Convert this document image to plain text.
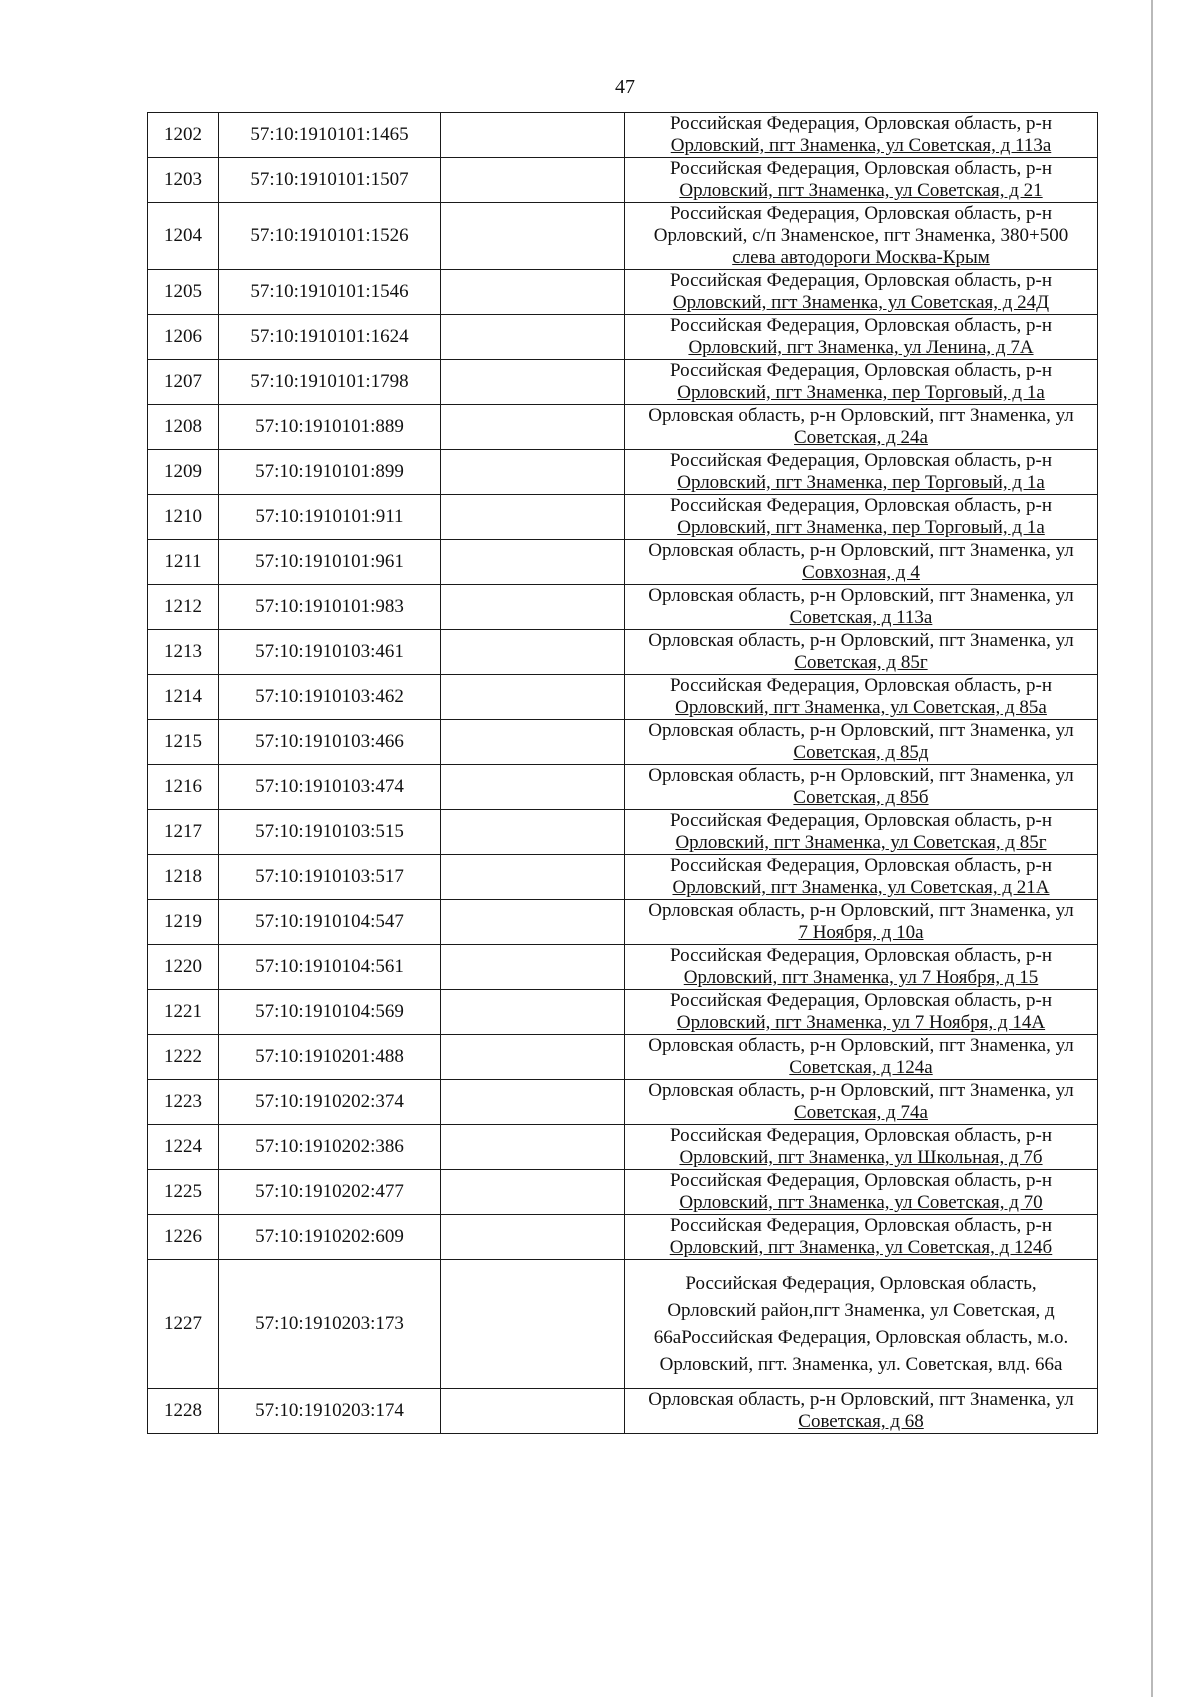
47
1202	57:10:1910101:1465		Российская Федерация, Орловская область, р-н
Орловский, пгт Знаменка, ул Советская, д 113а
1203	57:10:1910101:1507		Российская Федерация, Орловская область, р-н
Орловский, пгт Знаменка, ул Советская, д 21
1204	57:10:1910101:1526		Российская Федерация, Орловская область, р-н
Орловский, с/п Знаменское, пгт Знаменка, 380+500
слева автодороги Москва-Крым
1205	57:10:1910101:1546		Российская Федерация, Орловская область, р-н
Орловский, пгт Знаменка, ул Советская, д 24Д
1206	57:10:1910101:1624		Российская Федерация, Орловская область, р-н
Орловский, пгт Знаменка, ул Ленина, д 7А
1207	57:10:1910101:1798		Российская Федерация, Орловская область, р-н
Орловский, пгт Знаменка, пер Торговый, д 1а
1208	57:10:1910101:889		Орловская область, р-н Орловский, пгт Знаменка, ул
Советская, д 24а
1209	57:10:1910101:899		Российская Федерация, Орловская область, р-н
Орловский, пгт Знаменка, пер Торговый, д 1а
1210	57:10:1910101:911		Российская Федерация, Орловская область, р-н
Орловский, пгт Знаменка, пер Торговый, д 1а
1211	57:10:1910101:961		Орловская область, р-н Орловский, пгт Знаменка, ул
Совхозная, д 4
1212	57:10:1910101:983		Орловская область, р-н Орловский, пгт Знаменка, ул
Советская, д 113а
1213	57:10:1910103:461		Орловская область, р-н Орловский, пгт Знаменка, ул
Советская, д 85г
1214	57:10:1910103:462		Российская Федерация, Орловская область, р-н
Орловский, пгт Знаменка, ул Советская, д 85а
1215	57:10:1910103:466		Орловская область, р-н Орловский, пгт Знаменка, ул
Советская, д 85д
1216	57:10:1910103:474		Орловская область, р-н Орловский, пгт Знаменка, ул
Советская, д 85б
1217	57:10:1910103:515		Российская Федерация, Орловская область, р-н
Орловский, пгт Знаменка, ул Советская, д 85г
1218	57:10:1910103:517		Российская Федерация, Орловская область, р-н
Орловский, пгт Знаменка, ул Советская, д 21А
1219	57:10:1910104:547		Орловская область, р-н Орловский, пгт Знаменка, ул
7 Ноября, д 10а
1220	57:10:1910104:561		Российская Федерация, Орловская область, р-н
Орловский, пгт Знаменка, ул 7 Ноября, д 15
1221	57:10:1910104:569		Российская Федерация, Орловская область, р-н
Орловский, пгт Знаменка, ул 7 Ноября, д 14А
1222	57:10:1910201:488		Орловская область, р-н Орловский, пгт Знаменка, ул
Советская, д 124а
1223	57:10:1910202:374		Орловская область, р-н Орловский, пгт Знаменка, ул
Советская, д 74а
1224	57:10:1910202:386		Российская Федерация, Орловская область, р-н
Орловский, пгт Знаменка, ул Школьная, д 7б
1225	57:10:1910202:477		Российская Федерация, Орловская область, р-н
Орловский, пгт Знаменка, ул Советская, д 70
1226	57:10:1910202:609		Российская Федерация, Орловская область, р-н
Орловский, пгт Знаменка, ул Советская, д 124б
1227	57:10:1910203:173		Российская Федерация, Орловская область,
Орловский район,пгт Знаменка, ул Советская, д
66аРоссийская Федерация, Орловская область, м.о.
Орловский, пгт. Знаменка, ул. Советская, влд. 66а
1228	57:10:1910203:174		Орловская область, р-н Орловский, пгт Знаменка, ул
Советская, д 68
